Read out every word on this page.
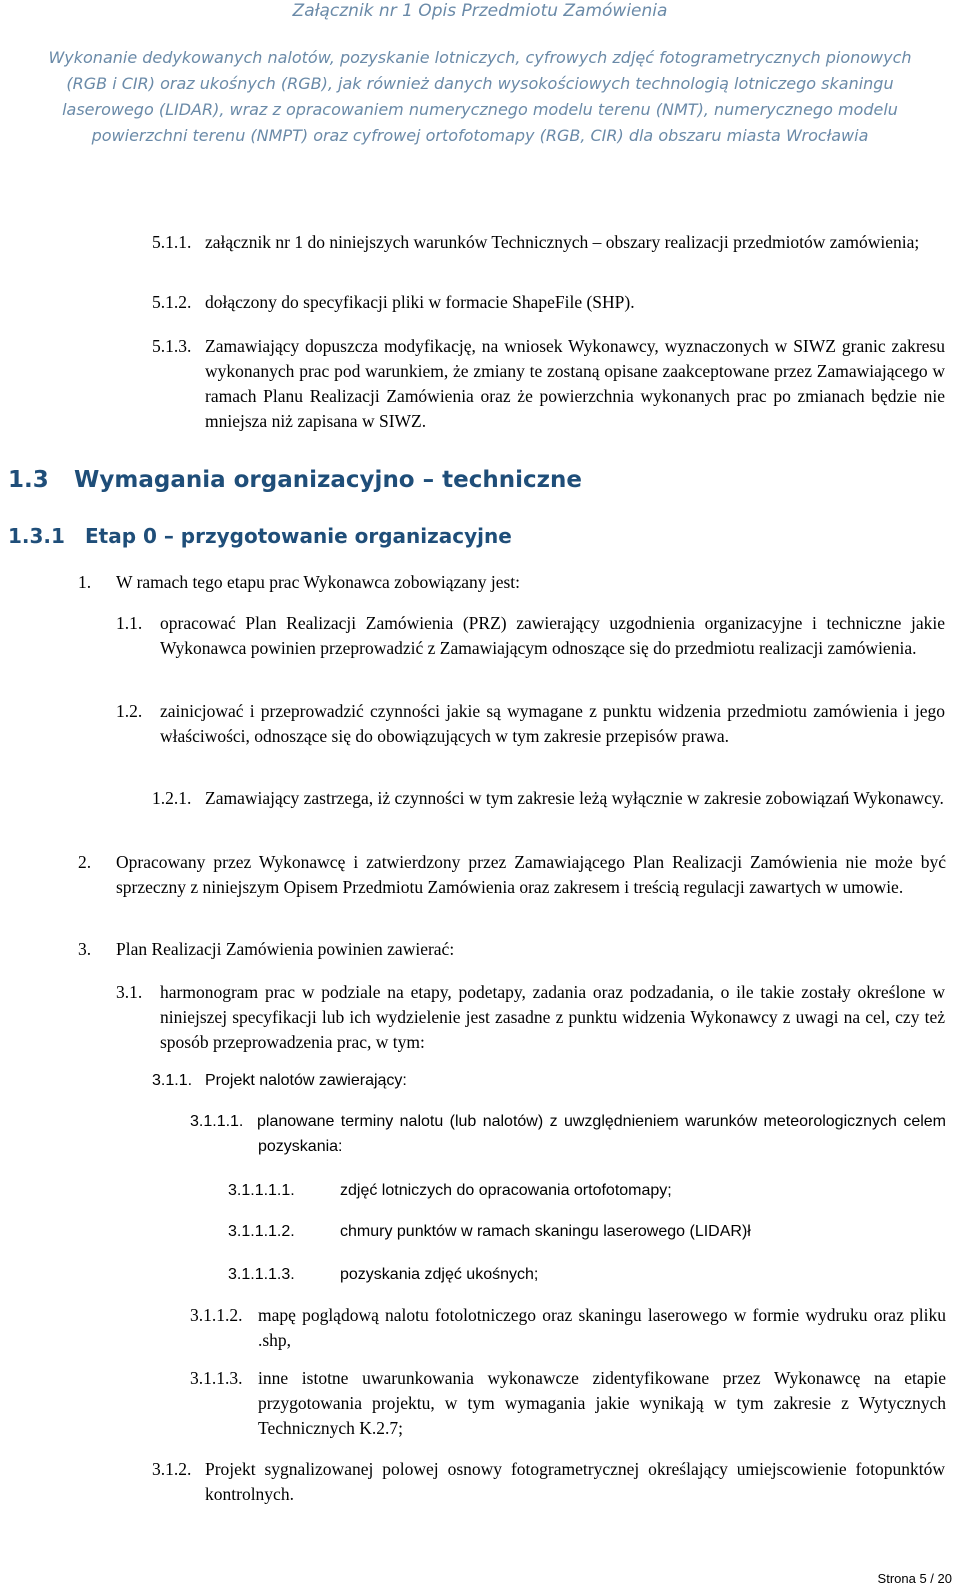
Załącznik nr 1 Opis Przedmiotu Zamówienia
Wykonanie dedykowanych nalotów, pozyskanie lotniczych, cyfrowych zdjęć fotogrametrycznych pionowych
(RGB i CIR) oraz ukośnych (RGB), jak również danych wysokościowych technologią lotniczego skaningu
laserowego (LIDAR), wraz z opracowaniem numerycznego modelu terenu (NMT), numerycznego modelu
powierzchni terenu (NMPT) oraz cyfrowej ortofotomapy (RGB, CIR) dla obszaru miasta Wrocławia
5.1.1. załącznik nr 1 do niniejszych warunków Technicznych – obszary realizacji przedmiotów zamówienia;
5.1.2. dołączony do specyfikacji pliki w formacie ShapeFile (SHP).
5.1.3. Zamawiający dopuszcza modyfikację, na wniosek Wykonawcy, wyznaczonych w SIWZ granic zakresu wykonanych prac pod warunkiem, że zmiany te zostaną opisane zaakceptowane przez Zamawiającego w ramach Planu Realizacji Zamówienia oraz że powierzchnia wykonanych prac po zmianach będzie nie mniejsza niż zapisana w SIWZ.
1.3 Wymagania organizacyjno – techniczne
1.3.1 Etap 0 – przygotowanie organizacyjne
1. W ramach tego etapu prac Wykonawca zobowiązany jest:
1.1. opracować Plan Realizacji Zamówienia (PRZ) zawierający uzgodnienia organizacyjne i techniczne jakie Wykonawca powinien przeprowadzić z Zamawiającym odnoszące się do przedmiotu realizacji zamówienia.
1.2. zainicjować i przeprowadzić czynności jakie są wymagane z punktu widzenia przedmiotu zamówienia i jego właściwości, odnoszące się do obowiązujących w tym zakresie przepisów prawa.
1.2.1. Zamawiający zastrzega, iż czynności w tym zakresie leżą wyłącznie w zakresie zobowiązań Wykonawcy.
2. Opracowany przez Wykonawcę i zatwierdzony przez Zamawiającego Plan Realizacji Zamówienia nie może być sprzeczny z niniejszym Opisem Przedmiotu Zamówienia oraz zakresem i treścią regulacji zawartych w umowie.
3. Plan Realizacji Zamówienia powinien zawierać:
3.1. harmonogram prac w podziale na etapy, podetapy, zadania oraz podzadania, o ile takie zostały określone w niniejszej specyfikacji lub ich wydzielenie jest zasadne z punktu widzenia Wykonawcy z uwagi na cel, czy też sposób przeprowadzenia prac, w tym:
3.1.1. Projekt nalotów zawierający:
3.1.1.1. planowane terminy nalotu (lub nalotów) z uwzględnieniem warunków meteorologicznych celem pozyskania:
3.1.1.1.1.	zdjęć lotniczych do opracowania ortofotomapy;
3.1.1.1.2.	chmury punktów w ramach skaningu laserowego (LIDAR)ł
3.1.1.1.3.	pozyskania zdjęć ukośnych;
3.1.1.2. mapę poglądową nalotu fotolotniczego oraz skaningu laserowego w formie wydruku oraz pliku .shp,
3.1.1.3. inne istotne uwarunkowania wykonawcze zidentyfikowane przez Wykonawcę na etapie przygotowania projektu, w tym wymagania jakie wynikają w tym zakresie z Wytycznych Technicznych K.2.7;
3.1.2. Projekt sygnalizowanej polowej osnowy fotogrametrycznej określający umiejscowienie fotopunktów kontrolnych.
Strona 5 / 20
